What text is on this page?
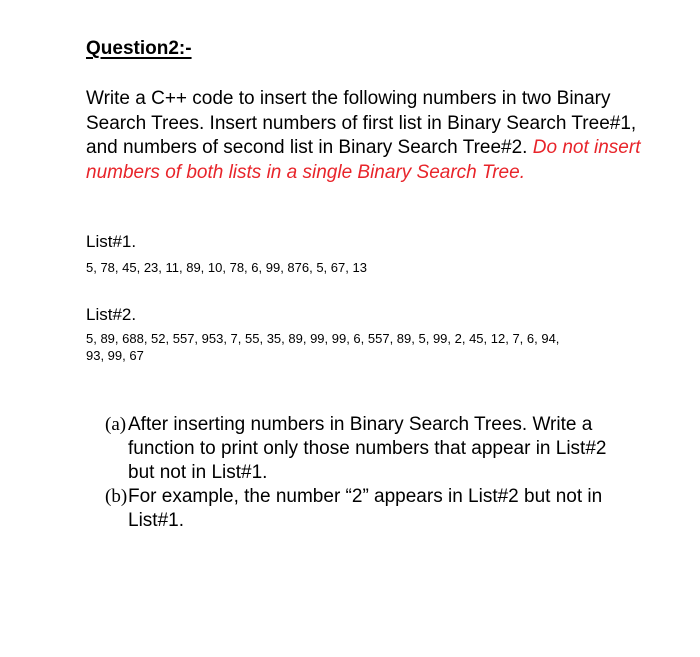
Question2:-
Write a C++ code to insert the following numbers in two Binary Search Trees. Insert numbers of first list in Binary Search Tree#1, and numbers of second list in Binary Search Tree#2. Do not insert numbers of both lists in a single Binary Search Tree.
List#1.
5, 78, 45, 23, 11, 89, 10, 78, 6, 99, 876, 5, 67, 13
List#2.
5, 89, 688, 52, 557, 953, 7, 55, 35, 89, 99, 99, 6, 557, 89, 5, 99, 2, 45, 12, 7, 6, 94,
93, 99, 67
(a) After inserting numbers in Binary Search Trees. Write a function to print only those numbers that appear in List#2 but not in List#1.
(b) For example, the number “2” appears in List#2 but not in List#1.
